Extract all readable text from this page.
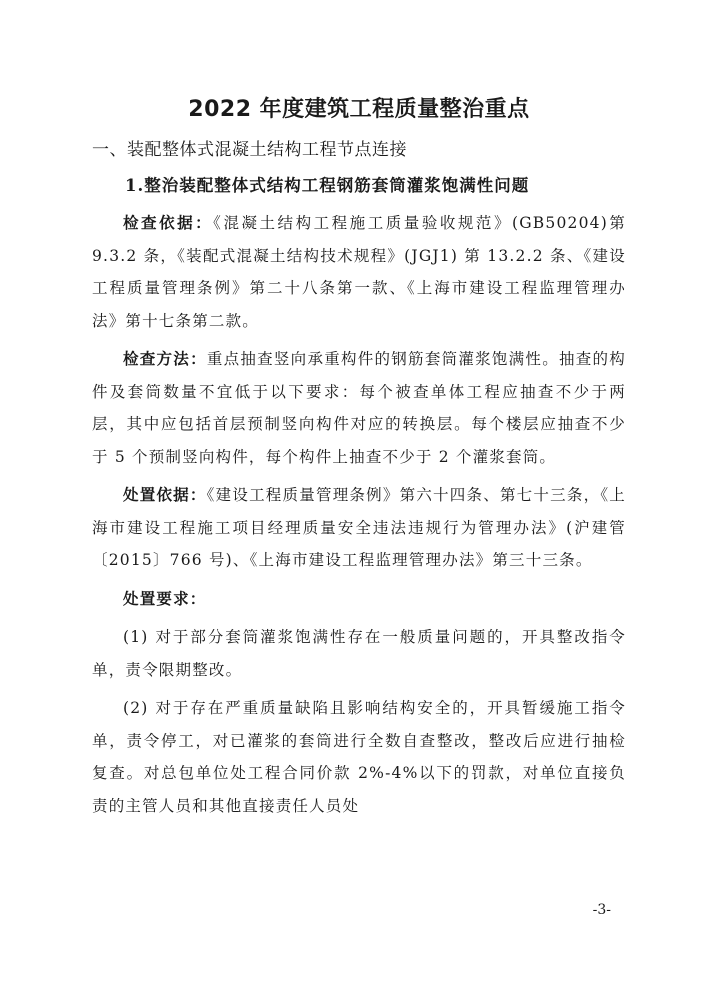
2022 年度建筑工程质量整治重点
一、装配整体式混凝土结构工程节点连接
1.整治装配整体式结构工程钢筋套筒灌浆饱满性问题

检查依据：《混凝土结构工程施工质量验收规范》(GB50204)第 9.3.2 条，《装配式混凝土结构技术规程》(JGJ1) 第 13.2.2 条、《建设工程质量管理条例》第二十八条第一款、《上海市建设工程监理管理办法》第十七条第二款。

检查方法：重点抽查竖向承重构件的钢筋套筒灌浆饱满性。抽查的构件及套筒数量不宜低于以下要求：每个被查单体工程应抽查不少于两层，其中应包括首层预制竖向构件对应的转换层。每个楼层应抽查不少于 5 个预制竖向构件，每个构件上抽查不少于 2 个灌浆套筒。

处置依据：《建设工程质量管理条例》第六十四条、第七十三条，《上海市建设工程施工项目经理质量安全违法违规行为管理办法》(沪建管〔2015〕766 号)、《上海市建设工程监理管理办法》第三十三条。

处置要求：

(1) 对于部分套筒灌浆饱满性存在一般质量问题的，开具整改指令单，责令限期整改。

(2) 对于存在严重质量缺陷且影响结构安全的，开具暂缓施工指令单，责令停工，对已灌浆的套筒进行全数自查整改，整改后应进行抽检复查。对总包单位处工程合同价款 2%-4%以下的罚款，对单位直接负责的主管人员和其他直接责任人员处

-3-
